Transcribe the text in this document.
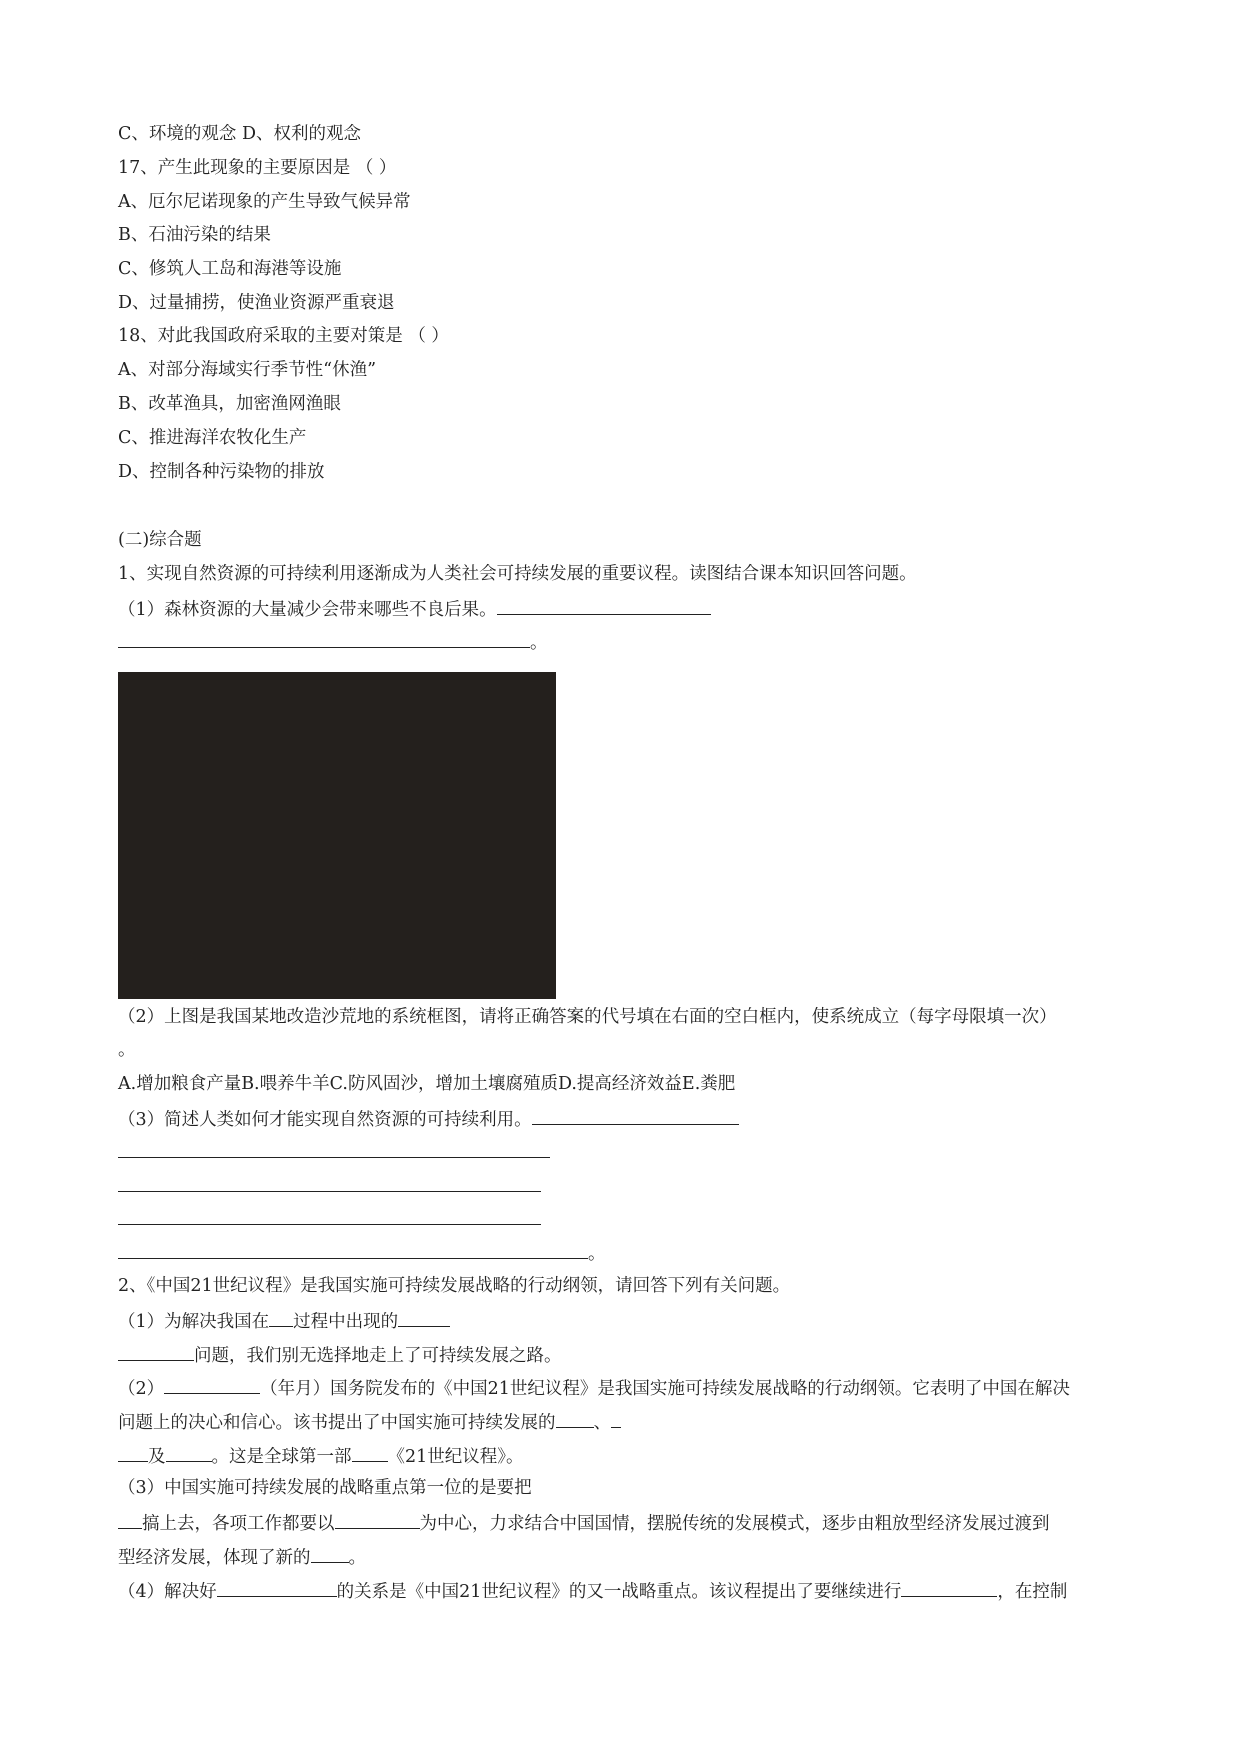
C、环境的观念 D、权利的观念
17、产生此现象的主要原因是 （ ）
A、厄尔尼诺现象的产生导致气候异常
B、石油污染的结果
C、修筑人工岛和海港等设施
D、过量捕捞，使渔业资源严重衰退
18、对此我国政府采取的主要对策是 （ ）
A、对部分海域实行季节性“休渔”
B、改革渔具，加密渔网渔眼
C、推进海洋农牧化生产
D、控制各种污染物的排放
(二)综合题
1、实现自然资源的可持续利用逐渐成为人类社会可持续发展的重要议程。读图结合课本知识回答问题。
（1）森林资源的大量减少会带来哪些不良后果。
。
（2）上图是我国某地改造沙荒地的系统框图，请将正确答案的代号填在右面的空白框内，使系统成立（每字母限填一次）
。
A.增加粮食产量B.喂养牛羊C.防风固沙，增加土壤腐殖质D.提高经济效益E.粪肥
（3）简述人类如何才能实现自然资源的可持续利用。
。
2、《中国21世纪议程》是我国实施可持续发展战略的行动纲领，请回答下列有关问题。
（1）为解决我国在 过程中出现的
问题，我们别无选择地走上了可持续发展之路。
（2）	（年月）国务院发布的《中国21世纪议程》是我国实施可持续发展战略的行动纲领。它表明了中国在解决
问题上的决心和信心。该书提出了中国实施可持续发展的 、
及	。这是全球第一部 《21世纪议程》。
（3）中国实施可持续发展的战略重点第一位的是要把
搞上去，各项工作都要以	为中心，力求结合中国国情，摆脱传统的发展模式，逐步由粗放型经济发展过渡到
型经济发展，体现了新的 。
（4）解决好	的关系是《中国21世纪议程》的又一战略重点。该议程提出了要继续进行	，在控制
